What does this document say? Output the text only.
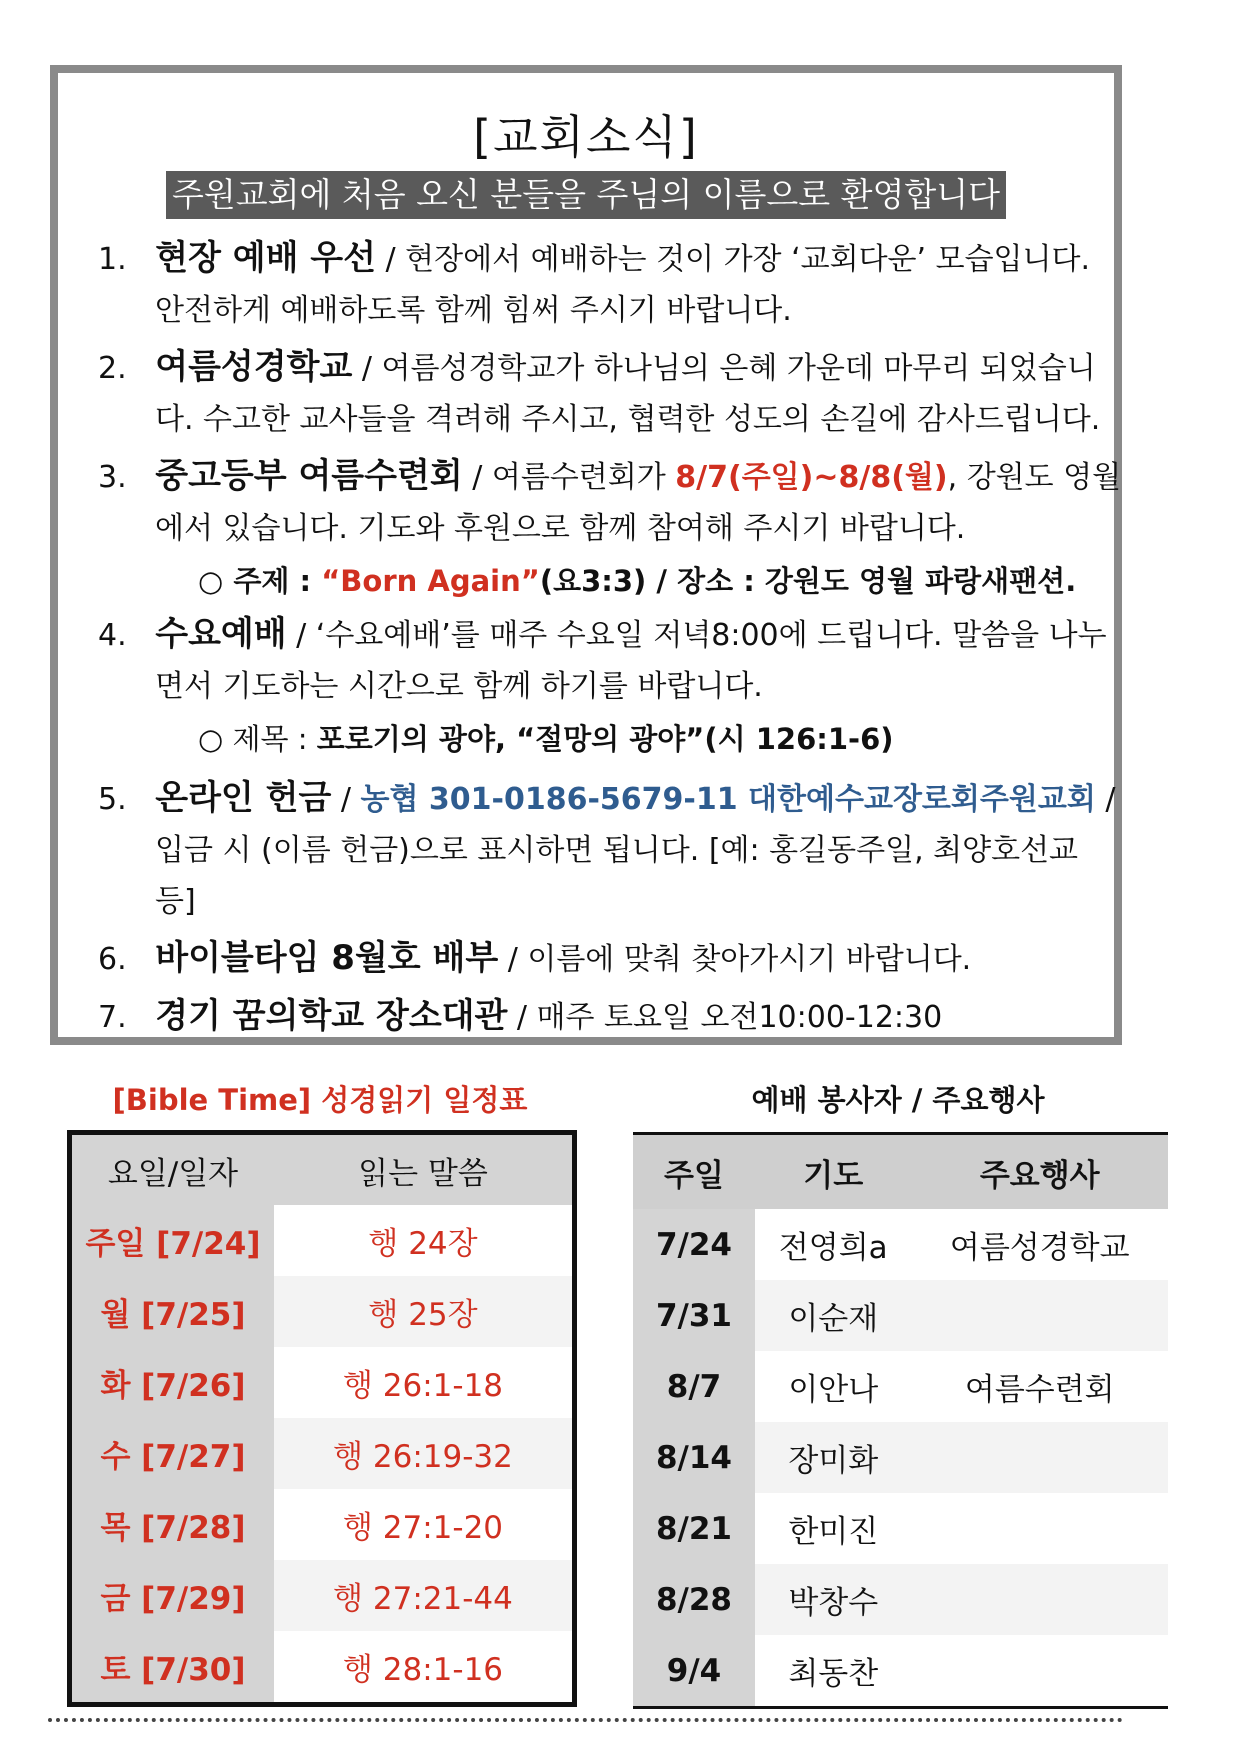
[교회소식]
주원교회에 처음 오신 분들을 주님의 이름으로 환영합니다
1. 현장 예배 우선 / 현장에서 예배하는 것이 가장 ‘교회다운’ 모습입니다. 안전하게 예배하도록 함께 힘써 주시기 바랍니다.
2. 여름성경학교 / 여름성경학교가 하나님의 은혜 가운데 마무리 되었습니다. 수고한 교사들을 격려해 주시고, 협력한 성도의 손길에 감사드립니다.
3. 중고등부 여름수련회 / 여름수련회가 8/7(주일)~8/8(월), 강원도 영월에서 있습니다. 기도와 후원으로 함께 참여해 주시기 바랍니다.
○ 주제 : “Born Again”(요3:3) / 장소 : 강원도 영월 파랑새팬션.
4. 수요예배 / ‘수요예배’를 매주 수요일 저녁8:00에 드립니다. 말씀을 나누면서 기도하는 시간으로 함께 하기를 바랍니다.
○ 제목 : 포로기의 광야, “절망의 광야”(시 126:1-6)
5. 온라인 헌금 / 농협 301-0186-5679-11 대한예수교장로회주원교회 / 입금 시 (이름 헌금)으로 표시하면 됩니다. [예: 홍길동주일, 최양호선교 등]
6. 바이블타임 8월호 배부 / 이름에 맞춰 찾아가시기 바랍니다.
7. 경기 꿈의학교 장소대관 / 매주 토요일 오전10:00-12:30
[Bible Time] 성경읽기 일정표
요일/일자	읽는 말씀
주일 [7/24]	행 24장
월 [7/25]	행 25장
화 [7/26]	행 26:1-18
수 [7/27]	행 26:19-32
목 [7/28]	행 27:1-20
금 [7/29]	행 27:21-44
토 [7/30]	행 28:1-16
예배 봉사자 / 주요행사
주일	기도	주요행사
7/24	전영희a	여름성경학교
7/31	이순재	
8/7	이안나	여름수련회
8/14	장미화	
8/21	한미진	
8/28	박창수	
9/4	최동찬	
